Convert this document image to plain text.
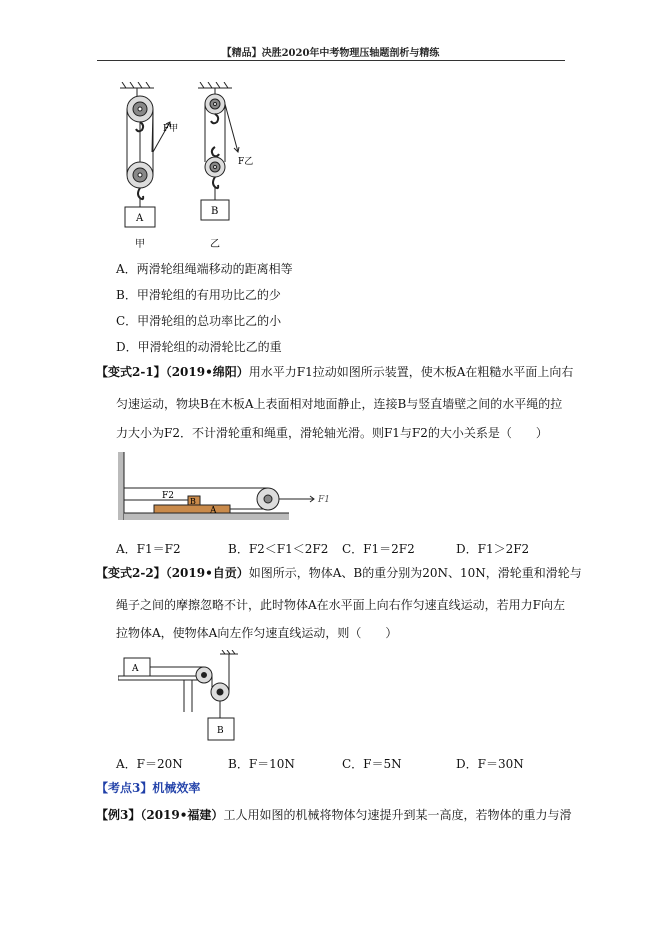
【精品】决胜2020年中考物理压轴题剖析与精练
F甲
A
甲
F乙
B
乙
A．两滑轮组绳端移动的距离相等
B．甲滑轮组的有用功比乙的少
C．甲滑轮组的总功率比乙的小
D．甲滑轮组的动滑轮比乙的重
【变式2-1】（2019•绵阳）用水平力F1拉动如图所示装置，使木板A在粗糙水平面上向右
匀速运动，物块B在木板A上表面相对地面静止，连接B与竖直墙壁之间的水平绳的拉
力大小为F2．不计滑轮重和绳重，滑轮轴光滑。则F1与F2的大小关系是（　　）
F2
B
A
F1
A．F1＝F2	B．F2＜F1＜2F2 C．F1＝2F2	D．F1＞2F2
【变式2-2】（2019•自贡）如图所示，物体A、B的重分别为20N、10N，滑轮重和滑轮与
绳子之间的摩擦忽略不计，此时物体A在水平面上向右作匀速直线运动，若用力F向左
拉物体A，使物体A向左作匀速直线运动，则（　　）
A
B
A．F＝20N	B．F＝10N	C．F＝5N	D．F＝30N
【考点3】机械效率
【例3】（2019•福建）工人用如图的机械将物体匀速提升到某一高度，若物体的重力与滑
